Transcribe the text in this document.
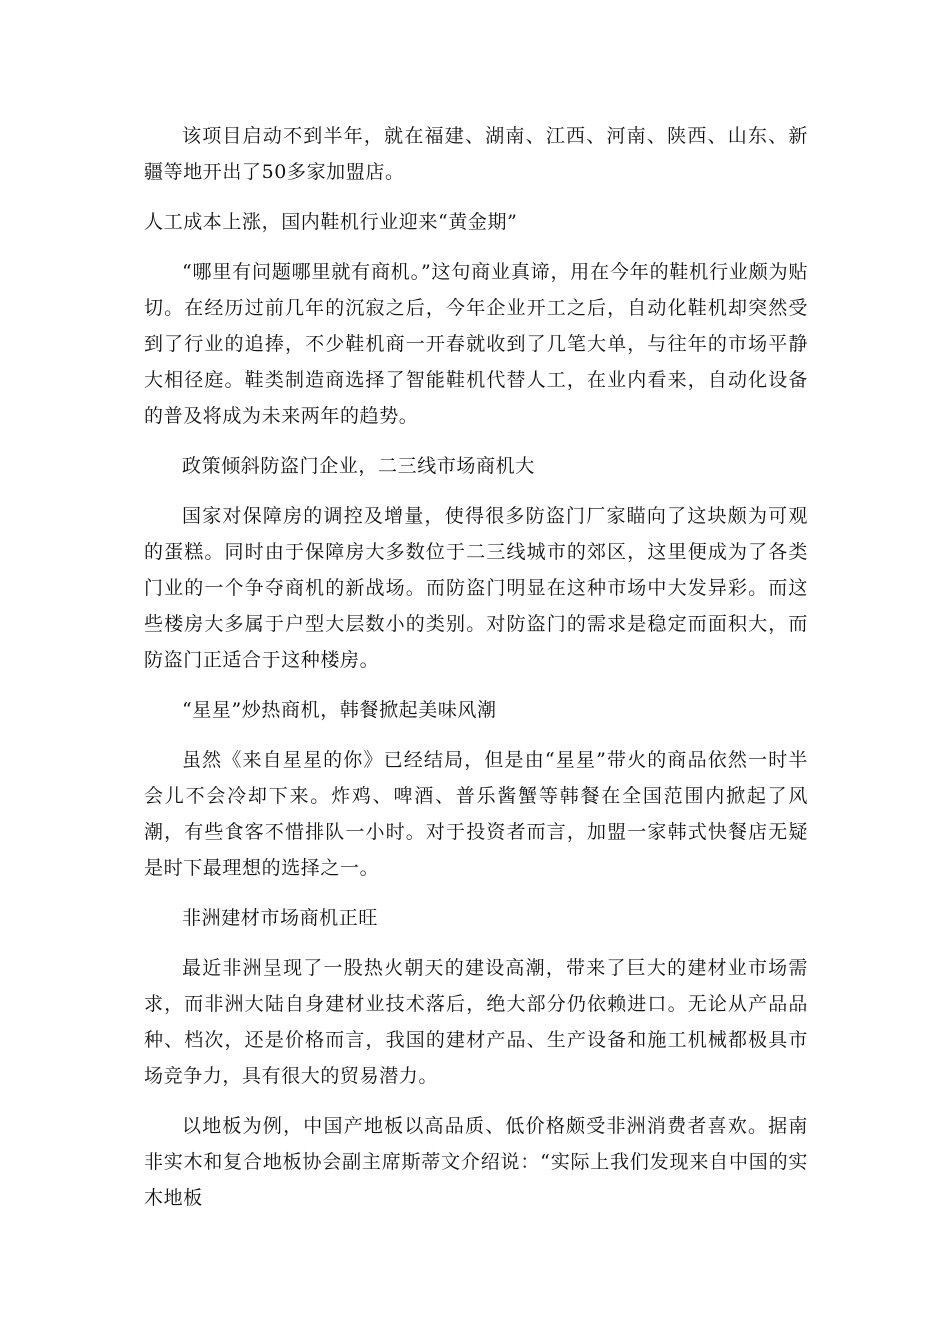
该项目启动不到半年，就在福建、湖南、江西、河南、陕西、山东、新疆等地开出了50多家加盟店。

人工成本上涨，国内鞋机行业迎来“黄金期”

“哪里有问题哪里就有商机。”这句商业真谛，用在今年的鞋机行业颇为贴切。在经历过前几年的沉寂之后，今年企业开工之后，自动化鞋机却突然受到了行业的追捧，不少鞋机商一开春就收到了几笔大单，与往年的市场平静大相径庭。鞋类制造商选择了智能鞋机代替人工，在业内看来，自动化设备的普及将成为未来两年的趋势。

政策倾斜防盗门企业，二三线市场商机大

国家对保障房的调控及增量，使得很多防盗门厂家瞄向了这块颇为可观的蛋糕。同时由于保障房大多数位于二三线城市的郊区，这里便成为了各类门业的一个争夺商机的新战场。而防盗门明显在这种市场中大发异彩。而这些楼房大多属于户型大层数小的类别。对防盗门的需求是稳定而面积大，而防盗门正适合于这种楼房。

“星星”炒热商机，韩餐掀起美味风潮

虽然《来自星星的你》已经结局，但是由“星星”带火的商品依然一时半会儿不会冷却下来。炸鸡、啤酒、普乐酱蟹等韩餐在全国范围内掀起了风潮，有些食客不惜排队一小时。对于投资者而言，加盟一家韩式快餐店无疑是时下最理想的选择之一。

非洲建材市场商机正旺

最近非洲呈现了一股热火朝天的建设高潮，带来了巨大的建材业市场需求，而非洲大陆自身建材业技术落后，绝大部分仍依赖进口。无论从产品品种、档次，还是价格而言，我国的建材产品、生产设备和施工机械都极具市场竞争力，具有很大的贸易潜力。

以地板为例，中国产地板以高品质、低价格颇受非洲消费者喜欢。据南非实木和复合地板协会副主席斯蒂文介绍说：“实际上我们发现来自中国的实木地板
